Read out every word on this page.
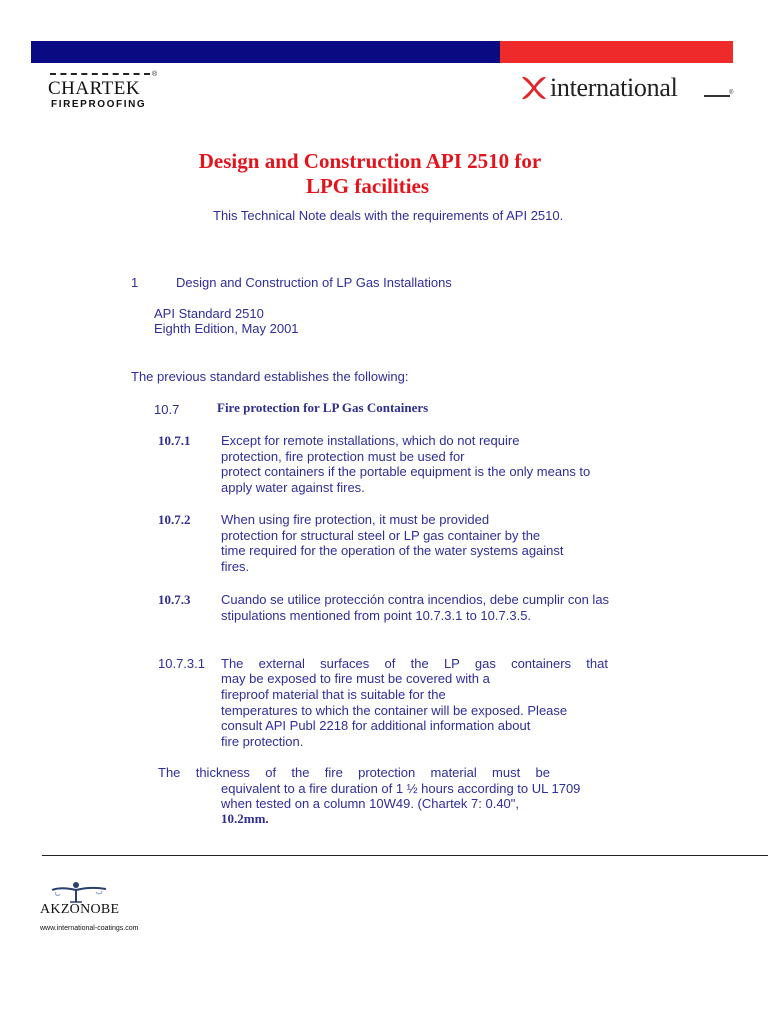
®
CHARTEK
FIREPROOFING
international	®
Design and Construction API 2510 for
LPG facilities
This Technical Note deals with the requirements of API 2510.
1	Design and Construction of LP Gas Installations
API Standard 2510
Eighth Edition, May 2001
The previous standard establishes the following:
10.7	Fire protection for LP Gas Containers
10.7.1 Except for remote installations, which do not require
protection, fire protection must be used for
protect containers if the portable equipment is the only means to
apply water against fires.
10.7.2 When using fire protection, it must be provided
protection for structural steel or LP gas container by the
time required for the operation of the water systems against
fires.
10.7.3 Cuando se utilice protección contra incendios, debe cumplir con las
stipulations mentioned from point 10.7.3.1 to 10.7.3.5.
10.7.3.1 The external surfaces of the LP gas containers that
may be exposed to fire must be covered with a
fireproof material that is suitable for the
temperatures to which the container will be exposed. Please
consult API Publ 2218 for additional information about
fire protection.
The thickness of the fire protection material must be
equivalent to a fire duration of 1 ½ hours according to UL 1709
when tested on a column 10W49. (Chartek 7: 0.40",
10.2mm.
AKZONOBE
www.international-coatings.com
